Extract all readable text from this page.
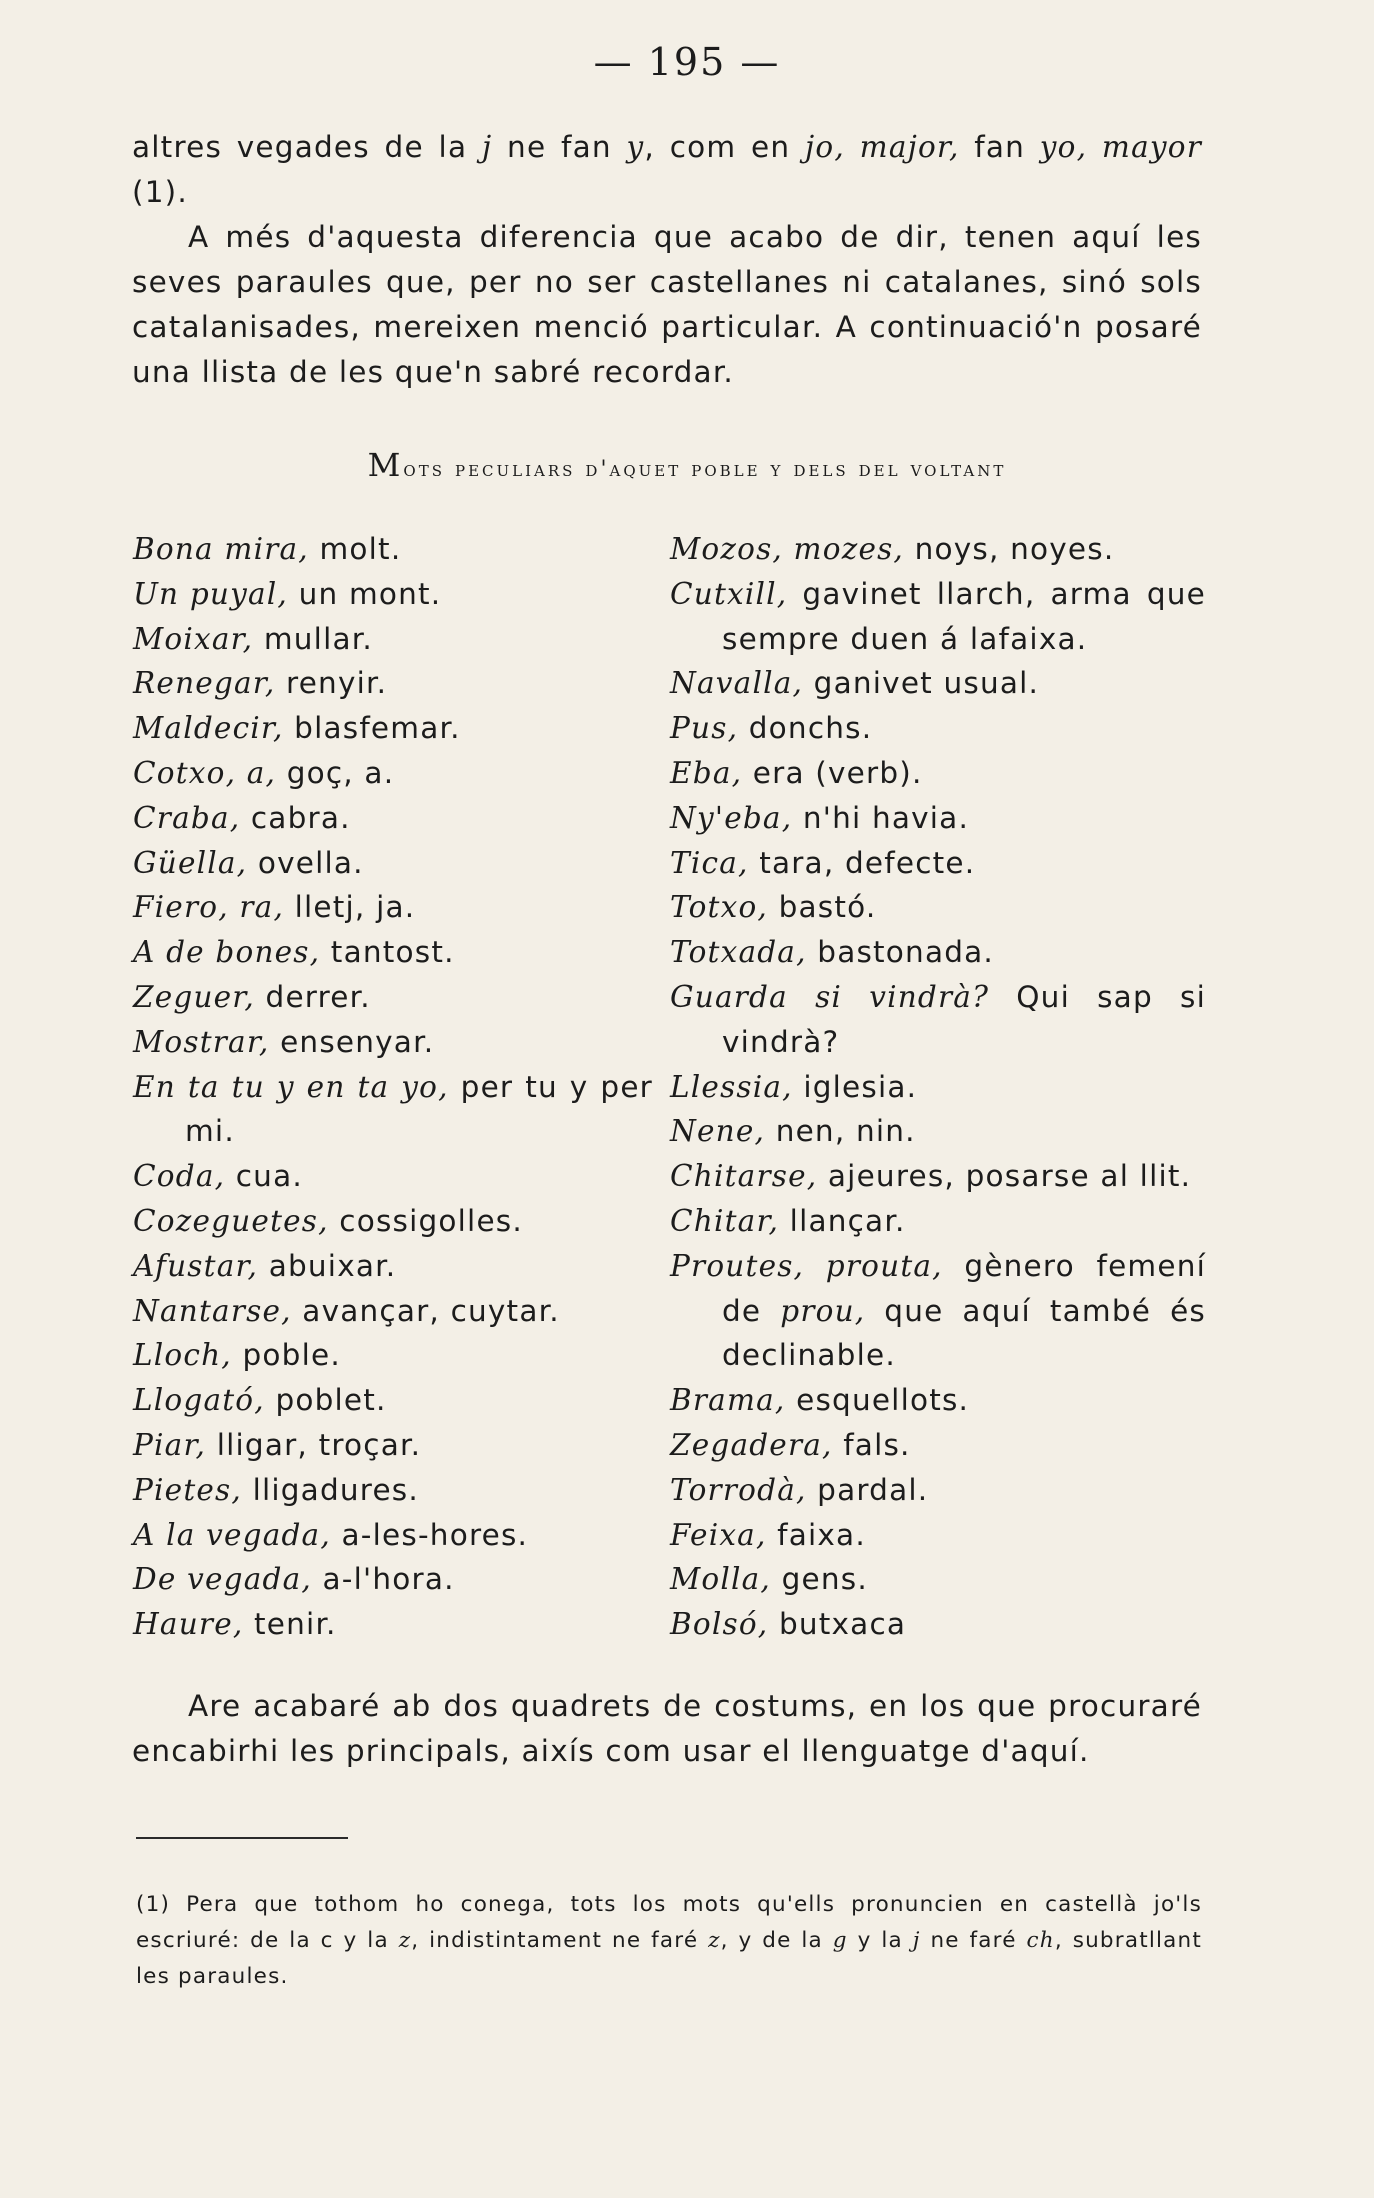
— 195 —

altres vegades de la j ne fan y, com en jo, major, fan yo, mayor (1).

A més d'aquesta diferencia que acabo de dir, tenen aquí les seves paraules que, per no ser castellanes ni catalanes, sinó sols catalanisades, mereixen menció particular. A continuació'n posaré una llista de les que'n sabré recordar.

Mots peculiars d'aquet poble y dels del voltant
Bona mira, molt.
Un puyal, un mont.
Moixar, mullar.
Renegar, renyir.
Maldecir, blasfemar.
Cotxo, a, goç, a.
Craba, cabra.
Güella, ovella.
Fiero, ra, lletj, ja.
A de bones, tantost.
Zeguer, derrer.
Mostrar, ensenyar.
En ta tu y en ta yo, per tu y per mi.
Coda, cua.
Cozeguetes, cossigolles.
Afustar, abuixar.
Nantarse, avançar, cuytar.
Lloch, poble.
Llogató, poblet.
Piar, lligar, troçar.
Pietes, lligadures.
A la vegada, a-les-hores.
De vegada, a-l'hora.
Haure, tenir.
Mozos, mozes, noys, noyes.
Cutxill, gavinet llarch, arma que sempre duen á lafaixa.
Navalla, ganivet usual.
Pus, donchs.
Eba, era (verb).
Ny'eba, n'hi havia.
Tica, tara, defecte.
Totxo, bastó.
Totxada, bastonada.
Guarda si vindrà? Qui sap si vindrà?
Llessia, iglesia.
Nene, nen, nin.
Chitarse, ajeures, posarse al llit.
Chitar, llançar.
Proutes, prouta, gènero femení de prou, que aquí també és declinable.
Brama, esquellots.
Zegadera, fals.
Torrodà, pardal.
Feixa, faixa.
Molla, gens.
Bolsó, butxaca

Are acabaré ab dos quadrets de costums, en los que procuraré encabirhi les principals, aixís com usar el llenguatge d'aquí.

(1) Pera que tothom ho conega, tots los mots qu'ells pronuncien en castellà jo'ls escriuré: de la c y la z, indistintament ne faré z, y de la g y la j ne faré ch, subratllant les paraules.
